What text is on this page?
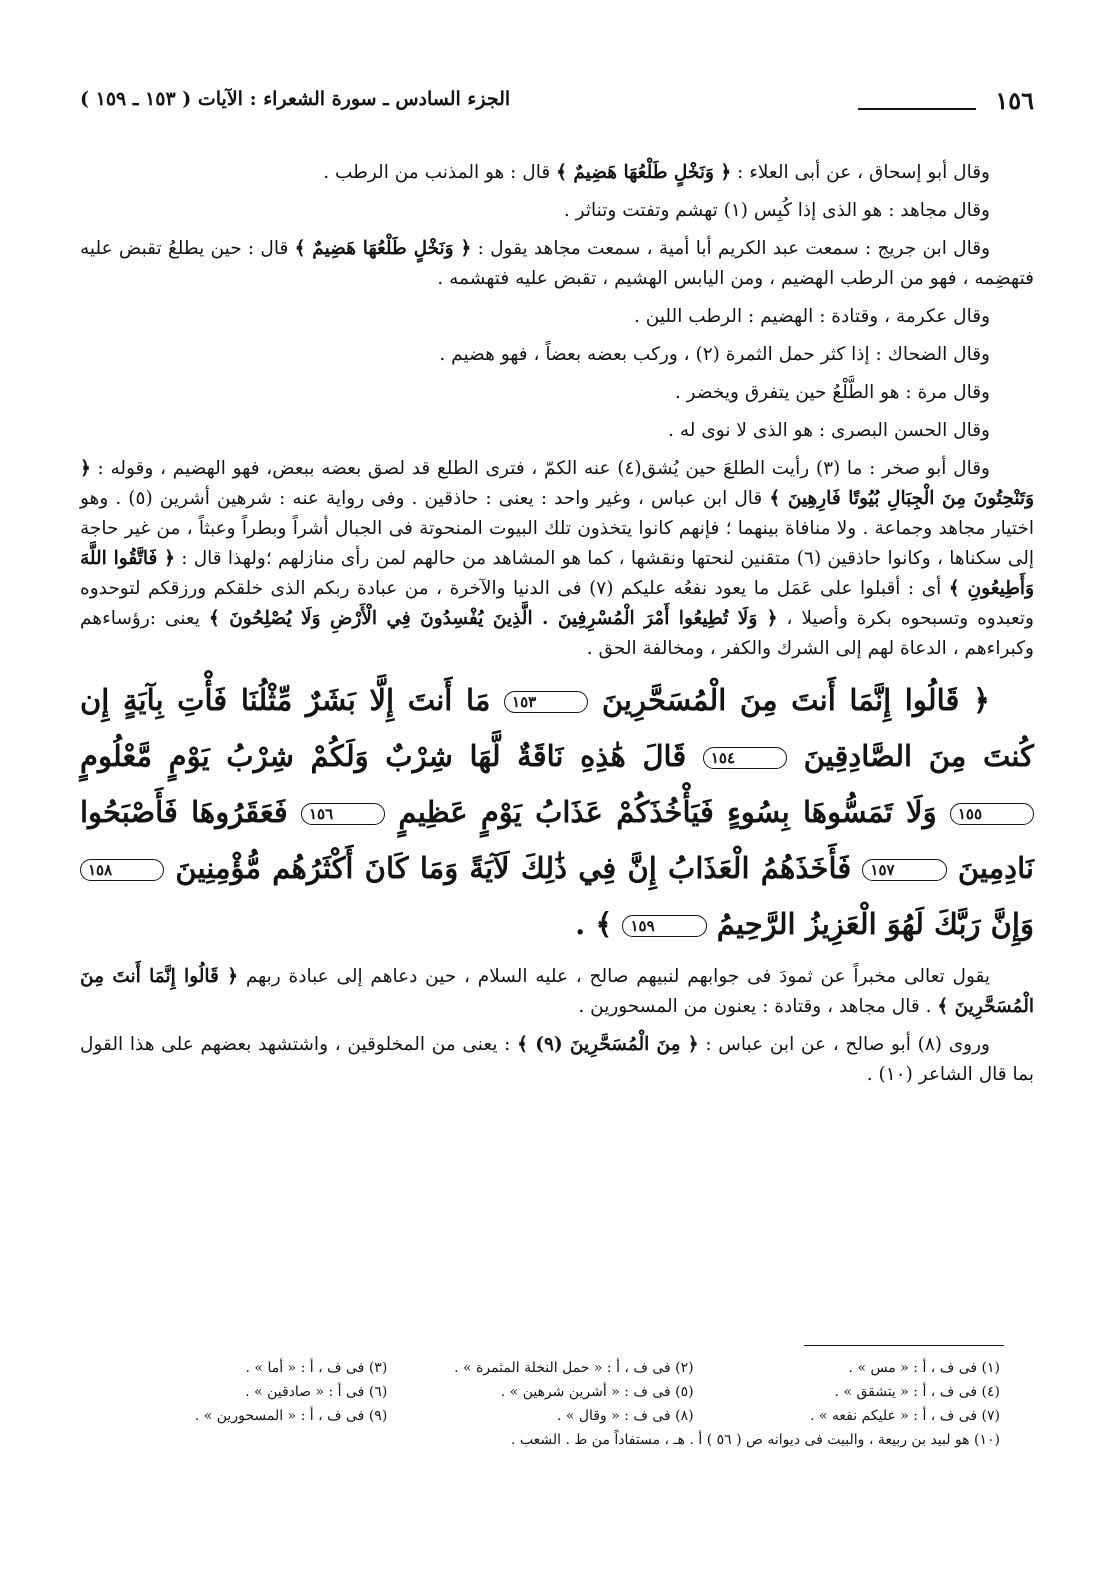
١٥٦
الجزء السادس ـ سورة الشعراء : الآيات ( ١٥٣ ـ ١٥٩ )

وقال أبو إسحاق ، عن أبى العلاء : ﴿ وَنَخْلٍ طَلْعُهَا هَضِيمٌ ﴾ قال : هو المذنب من الرطب .

وقال مجاهد : هو الذى إذا كُبِس (١) تهشم وتفتت وتناثر .

وقال ابن جريج : سمعت عبد الكريم أبا أمية ، سمعت مجاهد يقول : ﴿ وَنَخْلٍ طَلْعُهَا هَضِيمٌ ﴾ قال : حين يطلعُ تقبض عليه فتهضِمه ، فهو من الرطب الهضيم ، ومن اليابس الهشيم ، تقبض عليه فتهشمه .

وقال عكرمة ، وقتادة : الهضيم : الرطب اللين .

وقال الضحاك : إذا كثر حمل الثمرة (٢) ، وركب بعضه بعضاً ، فهو هضيم .

وقال مرة : هو الطَّلْعُ حين يتفرق ويخضر .

وقال الحسن البصرى : هو الذى لا نوى له .

وقال أبو صخر : ما (٣) رأيت الطلعَ حين يُشق(٤) عنه الكمّ ، فترى الطلع قد لصق بعضه ببعض، فهو الهضيم ، وقوله : ﴿ وَتَنْحِتُونَ مِنَ الْجِبَالِ بُيُوتًا فَارِهِينَ ﴾ قال ابن عباس ، وغير واحد : يعنى : حاذقين . وفى رواية عنه : شرهين أشرين (٥) . وهو اختيار مجاهد وجماعة . ولا منافاة بينهما ؛ فإنهم كانوا يتخذون تلك البيوت المنحوتة فى الجبال أشراً وبطراً وعبثاً ، من غير حاجة إلى سكناها ، وكانوا حاذقين (٦) متقنين لنحتها ونقشها ، كما هو المشاهد من حالهم لمن رأى منازلهم ؛ولهذا قال : ﴿ فَاتَّقُوا اللَّهَ وَأَطِيعُونِ ﴾ أى : أقبلوا على عَمَل ما يعود نفعُه عليكم (٧) فى الدنيا والآخرة ، من عبادة ربكم الذى خلقكم ورزقكم لتوحدوه وتعبدوه وتسبحوه بكرة وأصيلا ، ﴿ وَلَا تُطِيعُوا أَمْرَ الْمُسْرِفِينَ . الَّذِينَ يُفْسِدُونَ فِي الْأَرْضِ وَلَا يُصْلِحُونَ ﴾ يعنى :رؤساءهم وكبراءهم ، الدعاة لهم إلى الشرك والكفر ، ومخالفة الحق .

﴿ قَالُوا إِنَّمَا أَنتَ مِنَ الْمُسَحَّرِينَ ١٥٣ مَا أَنتَ إِلَّا بَشَرٌ مِّثْلُنَا فَأْتِ بِآيَةٍ إِن كُنتَ مِنَ الصَّادِقِينَ ١٥٤ قَالَ هَٰذِهِ نَاقَةٌ لَّهَا شِرْبٌ وَلَكُمْ شِرْبُ يَوْمٍ مَّعْلُومٍ ١٥٥ وَلَا تَمَسُّوهَا بِسُوءٍ فَيَأْخُذَكُمْ عَذَابُ يَوْمٍ عَظِيمٍ ١٥٦ فَعَقَرُوهَا فَأَصْبَحُوا نَادِمِينَ ١٥٧ فَأَخَذَهُمُ الْعَذَابُ إِنَّ فِي ذَٰلِكَ لَآيَةً وَمَا كَانَ أَكْثَرُهُم مُّؤْمِنِينَ ١٥٨ وَإِنَّ رَبَّكَ لَهُوَ الْعَزِيزُ الرَّحِيمُ ١٥٩ ﴾ .

يقول تعالى مخبراً عن ثمودَ فى جوابهم لنبيهم صالح ، عليه السلام ، حين دعاهم إلى عبادة ربهم ﴿ قَالُوا إِنَّمَا أَنتَ مِنَ الْمُسَحَّرِينَ ﴾ . قال مجاهد ، وقتادة : يعنون من المسحورين .

وروى (٨) أبو صالح ، عن ابن عباس : ﴿ مِنَ الْمُسَحَّرِينَ (٩) ﴾ : يعنى من المخلوقين ، واشتشهد بعضهم على هذا القول بما قال الشاعر (١٠) .

(١) فى ف ، أ : « مس » .
(٢) فى ف ، أ : « حمل النخلة المثمرة » .
(٣) فى ف ، أ : « أما » .
(٤) فى ف ، أ : « يتشقق » .
(٥) فى ف : « أشرين شرهين » .
(٦) فى أ : « صادقين » .
(٧) فى ف ، أ : « عليكم نفعه » .
(٨) فى ف : « وقال » .
(٩) فى ف ، أ : « المسحورين » .
(١٠) هو لبيد بن ربيعة ، والبيت فى ديوانه ص ( ٥٦ ) أ . هـ ، مستفاداً من ط . الشعب .
